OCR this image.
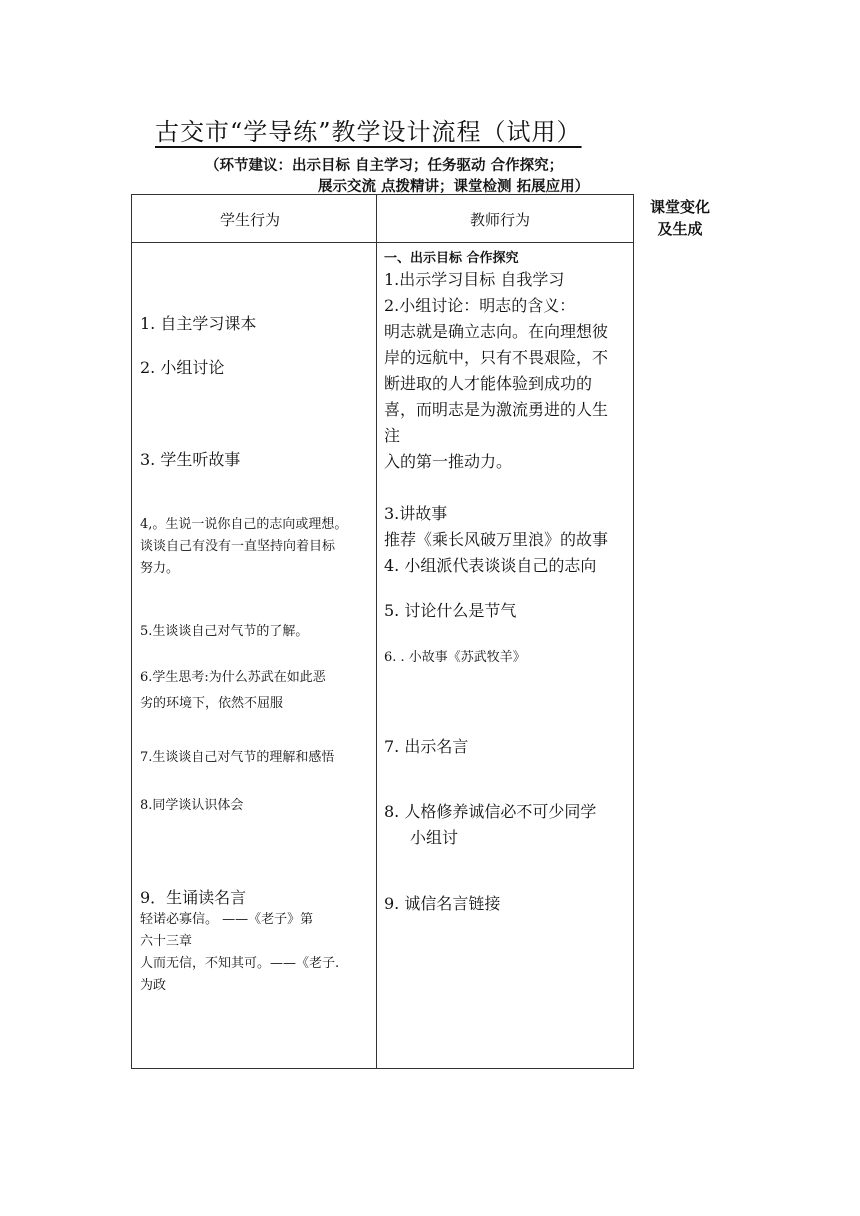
古交市“学导练”教学设计流程（试用）
（环节建议：出示目标 自主学习；任务驱动 合作探究；
展示交流 点拨精讲；课堂检测 拓展应用）
课堂变化
及生成
学生行为	教师行为
1. 自主学习课本
2. 小组讨论
3. 学生听故事
4,。生说一说你自己的志向或理想。
谈谈自己有没有一直坚持向着目标
努力。
5.生谈谈自己对气节的了解。
6.学生思考:为什么苏武在如此恶
劣的环境下，依然不屈服
7.生谈谈自己对气节的理解和感悟
8.同学谈认识体会
9．生诵读名言
轻诺必寡信。 ——《老子》第
六十三章
人而无信，不知其可。——《老子.
为政
一、出示目标 合作探究
1.出示学习目标 自我学习
2.小组讨论：明志的含义：
明志就是确立志向。在向理想彼
岸的远航中，只有不畏艰险，不
断进取的人才能体验到成功的
喜，而明志是为激流勇进的人生
注
入的第一推动力。
3.讲故事
推荐《乘长风破万里浪》的故事
4. 小组派代表谈谈自己的志向
5. 讨论什么是节气
6. . 小故事《苏武牧羊》
7. 出示名言
8. 人格修养诚信必不可少同学
小组讨
9. 诚信名言链接
